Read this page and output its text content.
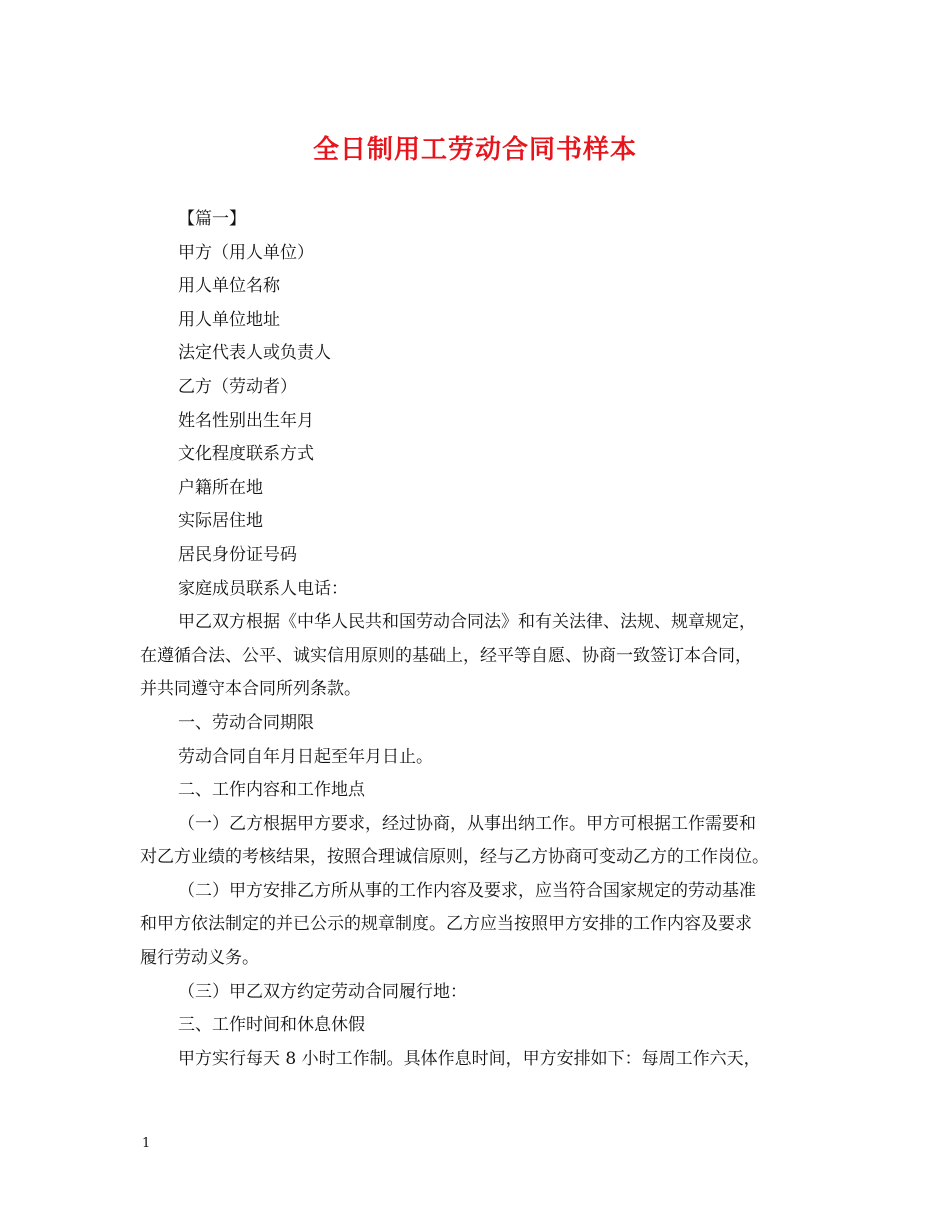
全日制用工劳动合同书样本
【篇一】
甲方（用人单位）
用人单位名称
用人单位地址
法定代表人或负责人
乙方（劳动者）
姓名性别出生年月
文化程度联系方式
户籍所在地
实际居住地
居民身份证号码
家庭成员联系人电话：
甲乙双方根据《中华人民共和国劳动合同法》和有关法律、法规、规章规定，
在遵循合法、公平、诚实信用原则的基础上，经平等自愿、协商一致签订本合同，
并共同遵守本合同所列条款。
一、劳动合同期限
劳动合同自年月日起至年月日止。
二、工作内容和工作地点
（一）乙方根据甲方要求，经过协商，从事出纳工作。甲方可根据工作需要和
对乙方业绩的考核结果，按照合理诚信原则，经与乙方协商可变动乙方的工作岗位。
（二）甲方安排乙方所从事的工作内容及要求，应当符合国家规定的劳动基准
和甲方依法制定的并已公示的规章制度。乙方应当按照甲方安排的工作内容及要求
履行劳动义务。
（三）甲乙双方约定劳动合同履行地：
三、工作时间和休息休假
甲方实行每天 8 小时工作制。具体作息时间，甲方安排如下：每周工作六天，
1
